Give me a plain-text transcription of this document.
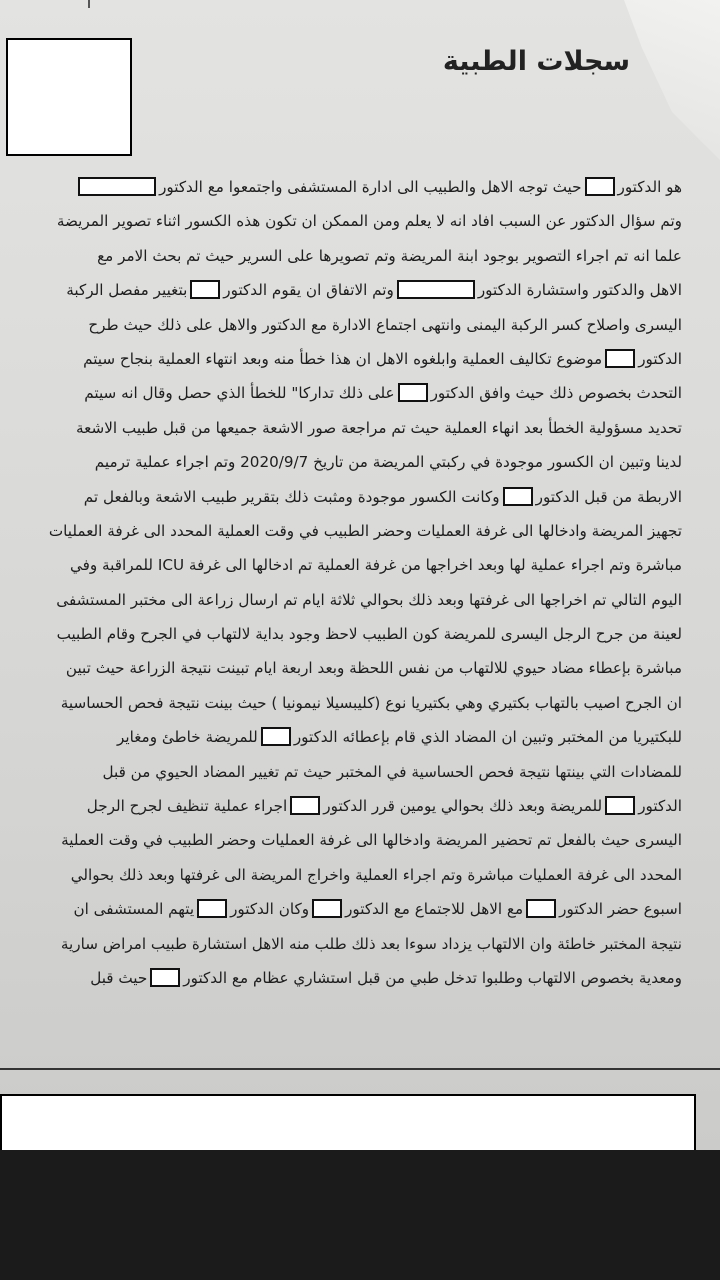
سجلات الطبية
هو الدكتورحيث توجه الاهل والطبيب الى ادارة المستشفى واجتمعوا مع الدكتور
وتم سؤال الدكتور عن السبب افاد انه لا يعلم ومن الممكن ان تكون هذه الكسور اثناء تصوير المريضة
علما انه تم اجراء التصوير بوجود ابنة المريضة وتم تصويرها على السرير حيث تم بحث الامر مع
الاهل والدكتور واستشارة الدكتوروتم الاتفاق ان يقوم الدكتوربتغيير مفصل الركبة
اليسرى واصلاح كسر الركبة اليمنى وانتهى اجتماع الادارة مع الدكتور والاهل على ذلك حيث طرح
الدكتورموضوع تكاليف العملية وابلغوه الاهل ان هذا خطأ منه وبعد انتهاء العملية بنجاح سيتم
التحدث بخصوص ذلك حيث وافق الدكتورعلى ذلك تداركا" للخطأ الذي حصل وقال انه سيتم
تحديد مسؤولية الخطأ بعد انهاء العملية حيث تم مراجعة صور الاشعة جميعها من قبل طبيب الاشعة
لدينا وتبين ان الكسور موجودة في ركبتي المريضة من تاريخ 2020/9/7 وتم اجراء عملية ترميم
الاربطة من قبل الدكتوروكانت الكسور موجودة ومثبت ذلك بتقرير طبيب الاشعة وبالفعل تم
تجهيز المريضة وادخالها الى غرفة العمليات وحضر الطبيب في وقت العملية المحدد الى غرفة العمليات
مباشرة وتم اجراء عملية لها وبعد اخراجها من غرفة العملية تم ادخالها الى غرفة ICU للمراقبة وفي
اليوم التالي تم اخراجها الى غرفتها وبعد ذلك بحوالي ثلاثة ايام تم ارسال زراعة الى مختبر المستشفى
لعينة من جرح الرجل اليسرى للمريضة كون الطبيب لاحظ وجود بداية لالتهاب في الجرح وقام الطبيب
مباشرة بإعطاء مضاد حيوي للالتهاب من نفس اللحظة وبعد اربعة ايام تبينت نتيجة الزراعة حيث تبين
ان الجرح اصيب بالتهاب بكتيري وهي بكتيريا نوع (كليبسيلا نيمونيا ) حيث بينت نتيجة فحص الحساسية
للبكتيريا من المختبر وتبين ان المضاد الذي قام بإعطائه الدكتورللمريضة خاطئ ومغاير
للمضادات التي بينتها نتيجة فحص الحساسية في المختبر حيث تم تغيير المضاد الحيوي من قبل
الدكتورللمريضة وبعد ذلك بحوالي يومين قرر الدكتوراجراء عملية تنظيف لجرح الرجل
اليسرى حيث بالفعل تم تحضير المريضة وادخالها الى غرفة العمليات وحضر الطبيب في وقت العملية
المحدد الى غرفة العمليات مباشرة وتم اجراء العملية واخراج المريضة الى غرفتها وبعد ذلك بحوالي
اسبوع حضر الدكتورمع الاهل للاجتماع مع الدكتوروكان الدكتوريتهم المستشفى ان
نتيجة المختبر خاطئة وان الالتهاب يزداد سوءا بعد ذلك طلب منه الاهل استشارة طبيب امراض سارية
ومعدية بخصوص الالتهاب وطلبوا تدخل طبي من قبل استشاري عظام مع الدكتورحيث قبل
